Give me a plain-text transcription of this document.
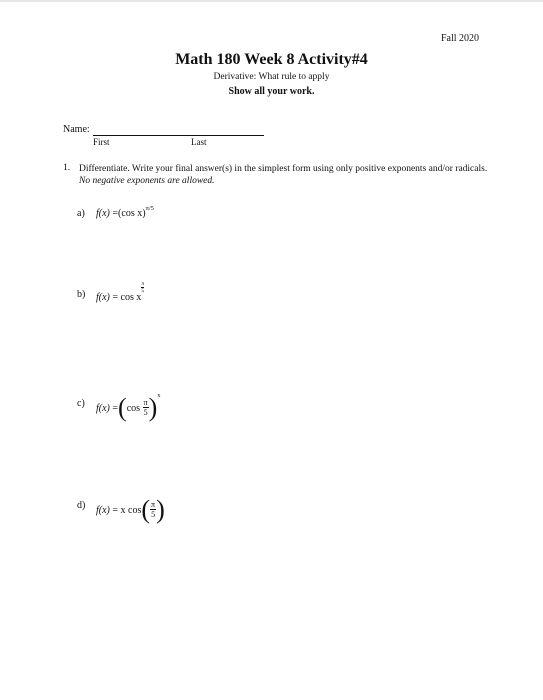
Fall 2020
Math 180 Week 8 Activity#4
Derivative: What rule to apply
Show all your work.
Name:
First	Last
1. Differentiate. Write your final answer(s) in the simplest form using only positive exponents and/or radicals. No negative exponents are allowed.
a) f(x) =(cos x)$^{\pi/5}$
b) f(x) = cos x
$\frac{\pi}{5}$
c) $f(x) =(\cos \frac{\pi}{5} )^x$
d) f(x) = x $\cos( \frac{\pi}{5}$ )
